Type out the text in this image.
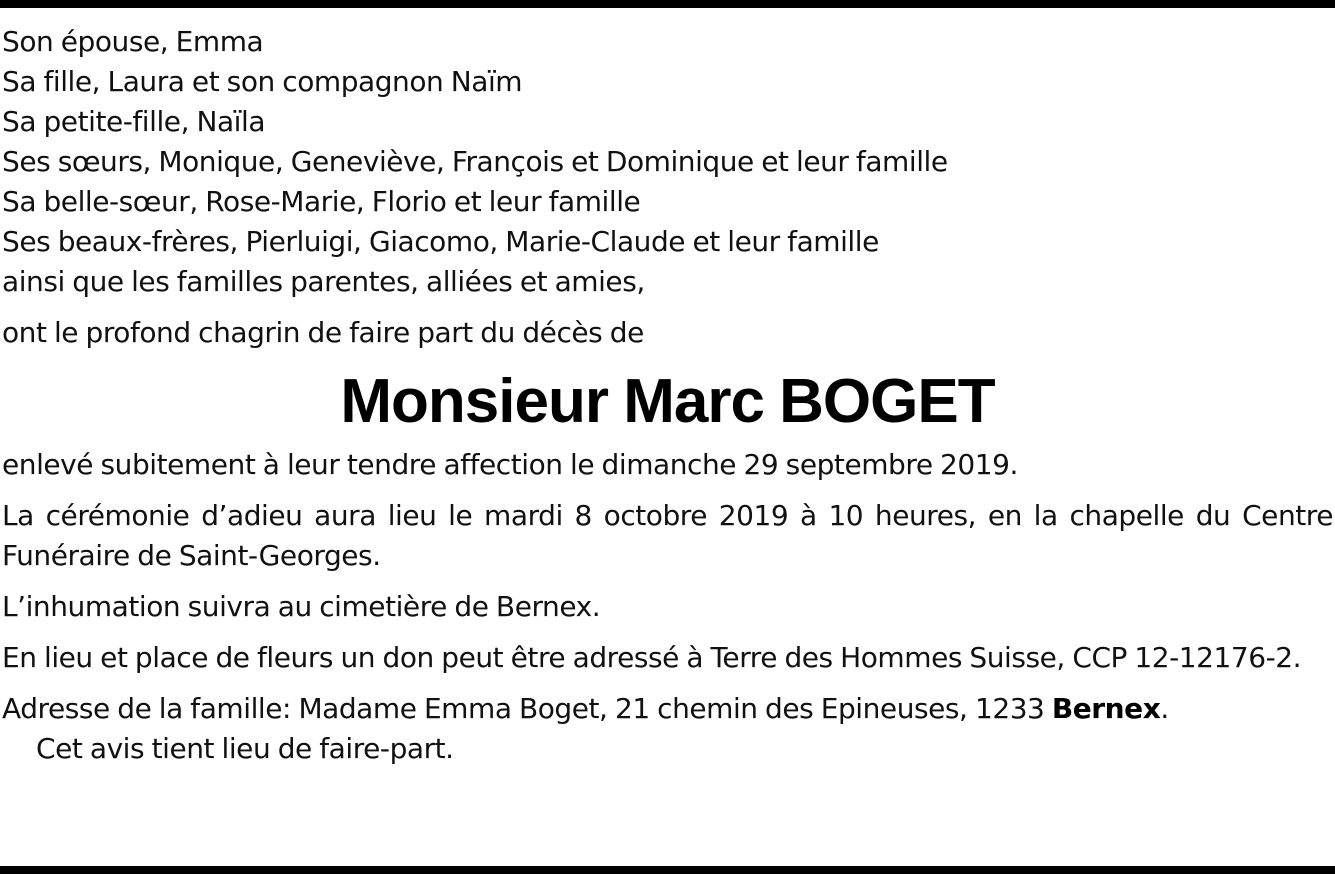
Son épouse, Emma
Sa fille, Laura et son compagnon Naïm
Sa petite-fille, Naïla
Ses sœurs, Monique, Geneviève, François et Dominique et leur famille
Sa belle-sœur, Rose-Marie, Florio et leur famille
Ses beaux-frères, Pierluigi, Giacomo, Marie-Claude et leur famille
ainsi que les familles parentes, alliées et amies,
ont le profond chagrin de faire part du décès de
Monsieur Marc BOGET
enlevé subitement à leur tendre affection le dimanche 29 septembre 2019.
La cérémonie d’adieu aura lieu le mardi 8 octobre 2019 à 10 heures, en la chapelle du Centre Funéraire de Saint-Georges.
L’inhumation suivra au cimetière de Bernex.
En lieu et place de fleurs un don peut être adressé à Terre des Hommes Suisse, CCP 12-12176-2.
Adresse de la famille: Madame Emma Boget, 21 chemin des Epineuses, 1233 Bernex.
Cet avis tient lieu de faire-part.
